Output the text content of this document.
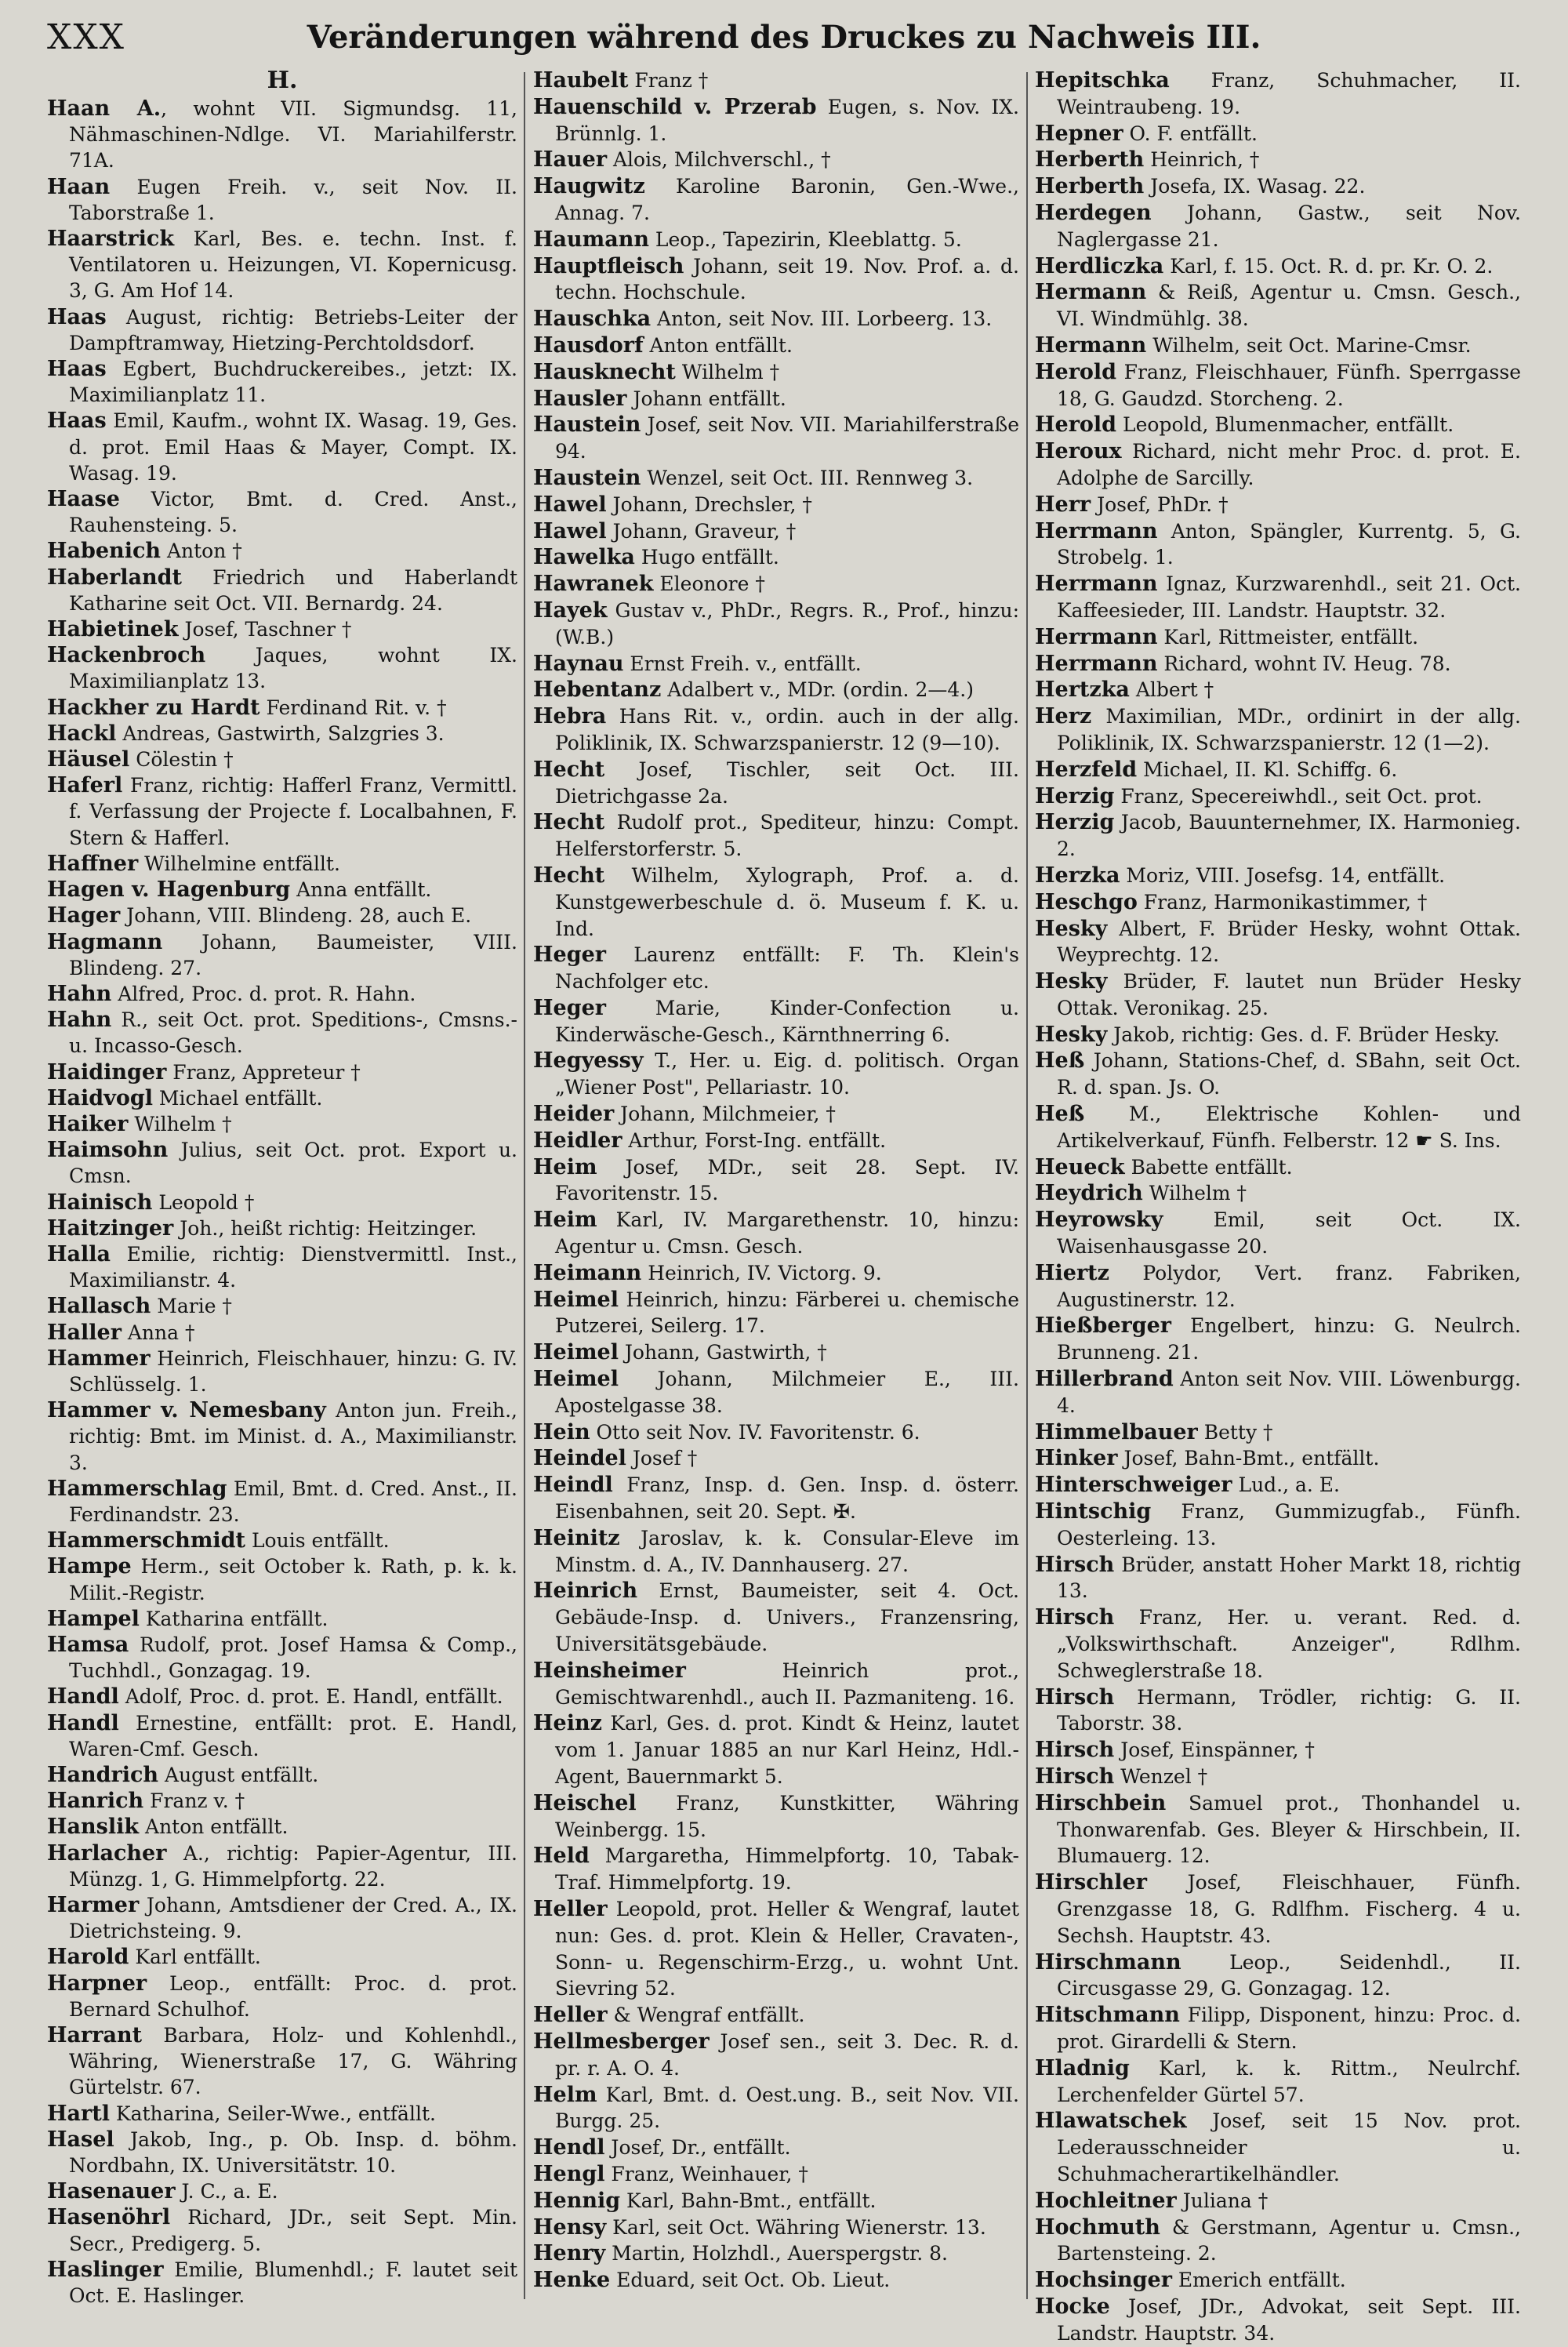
XXX	Veränderungen während des Druckes zu Nachweis III.
H.
Haan A., wohnt VII. Sigmundsg. 11, Nähmaschinen-Ndlge. VI. Mariahilferstr. 71A.
Haan Eugen Freih. v., seit Nov. II. Taborstraße 1.
Haarstrick Karl, Bes. e. techn. Inst. f. Ventilatoren u. Heizungen, VI. Kopernicusg. 3, G. Am Hof 14.
Haas August, richtig: Betriebs-Leiter der Dampftramway, Hietzing-Perchtoldsdorf.
Haas Egbert, Buchdruckereibes., jetzt: IX. Maximilianplatz 11.
Haas Emil, Kaufm., wohnt IX. Wasag. 19, Ges. d. prot. Emil Haas & Mayer, Compt. IX. Wasag. 19.
Haase Victor, Bmt. d. Cred. Anst., Rauhensteing. 5.
Habenich Anton †
Haberlandt Friedrich und Haberlandt Katharine seit Oct. VII. Bernardg. 24.
Habietinek Josef, Taschner †
Hackenbroch Jaques, wohnt IX. Maximilianplatz 13.
Hackher zu Hardt Ferdinand Rit. v. †
Hackl Andreas, Gastwirth, Salzgries 3.
Häusel Cölestin †
Haferl Franz, richtig: Hafferl Franz, Vermittl. f. Verfassung der Projecte f. Localbahnen, F. Stern & Hafferl.
Haffner Wilhelmine entfällt.
Hagen v. Hagenburg Anna entfällt.
Hager Johann, VIII. Blindeng. 28, auch E.
Hagmann Johann, Baumeister, VIII. Blindeng. 27.
Hahn Alfred, Proc. d. prot. R. Hahn.
Hahn R., seit Oct. prot. Speditions-, Cmsns.- u. Incasso-Gesch.
Haidinger Franz, Appreteur †
Haidvogl Michael entfällt.
Haiker Wilhelm †
Haimsohn Julius, seit Oct. prot. Export u. Cmsn.
Hainisch Leopold †
Haitzinger Joh., heißt richtig: Heitzinger.
Halla Emilie, richtig: Dienstvermittl. Inst., Maximilianstr. 4.
Hallasch Marie †
Haller Anna †
Hammer Heinrich, Fleischhauer, hinzu: G. IV. Schlüsselg. 1.
Hammer v. Nemesbany Anton jun. Freih., richtig: Bmt. im Minist. d. A., Maximilianstr. 3.
Hammerschlag Emil, Bmt. d. Cred. Anst., II. Ferdinandstr. 23.
Hammerschmidt Louis entfällt.
Hampe Herm., seit October k. Rath, p. k. k. Milit.-Registr.
Hampel Katharina entfällt.
Hamsa Rudolf, prot. Josef Hamsa & Comp., Tuchhdl., Gonzagag. 19.
Handl Adolf, Proc. d. prot. E. Handl, entfällt.
Handl Ernestine, entfällt: prot. E. Handl, Waren-Cmf. Gesch.
Handrich August entfällt.
Hanrich Franz v. †
Hanslik Anton entfällt.
Harlacher A., richtig: Papier-Agentur, III. Münzg. 1, G. Himmelpfortg. 22.
Harmer Johann, Amtsdiener der Cred. A., IX. Dietrichsteing. 9.
Harold Karl entfällt.
Harpner Leop., entfällt: Proc. d. prot. Bernard Schulhof.
Harrant Barbara, Holz- und Kohlenhdl., Währing, Wienerstraße 17, G. Währing Gürtelstr. 67.
Hartl Katharina, Seiler-Wwe., entfällt.
Hasel Jakob, Ing., p. Ob. Insp. d. böhm. Nordbahn, IX. Universitätstr. 10.
Hasenauer J. C., a. E.
Hasenöhrl Richard, JDr., seit Sept. Min. Secr., Predigerg. 5.
Haslinger Emilie, Blumenhdl.; F. lautet seit Oct. E. Haslinger.
Haubelt Franz †
Hauenschild v. Przerab Eugen, s. Nov. IX. Brünnlg. 1.
Hauer Alois, Milchverschl., †
Haugwitz Karoline Baronin, Gen.-Wwe., Annag. 7.
Haumann Leop., Tapezirin, Kleeblattg. 5.
Hauptfleisch Johann, seit 19. Nov. Prof. a. d. techn. Hochschule.
Hauschka Anton, seit Nov. III. Lorbeerg. 13.
Hausdorf Anton entfällt.
Hausknecht Wilhelm †
Hausler Johann entfällt.
Haustein Josef, seit Nov. VII. Mariahilferstraße 94.
Haustein Wenzel, seit Oct. III. Rennweg 3.
Hawel Johann, Drechsler, †
Hawel Johann, Graveur, †
Hawelka Hugo entfällt.
Hawranek Eleonore †
Hayek Gustav v., PhDr., Regrs. R., Prof., hinzu: (W.B.)
Haynau Ernst Freih. v., entfällt.
Hebentanz Adalbert v., MDr. (ordin. 2—4.)
Hebra Hans Rit. v., ordin. auch in der allg. Poliklinik, IX. Schwarzspanierstr. 12 (9—10).
Hecht Josef, Tischler, seit Oct. III. Dietrichgasse 2a.
Hecht Rudolf prot., Spediteur, hinzu: Compt. Helferstorferstr. 5.
Hecht Wilhelm, Xylograph, Prof. a. d. Kunstgewerbeschule d. ö. Museum f. K. u. Ind.
Heger Laurenz entfällt: F. Th. Klein's Nachfolger etc.
Heger Marie, Kinder-Confection u. Kinderwäsche-Gesch., Kärnthnerring 6.
Hegyessy T., Her. u. Eig. d. politisch. Organ „Wiener Post", Pellariastr. 10.
Heider Johann, Milchmeier, †
Heidler Arthur, Forst-Ing. entfällt.
Heim Josef, MDr., seit 28. Sept. IV. Favoritenstr. 15.
Heim Karl, IV. Margarethenstr. 10, hinzu: Agentur u. Cmsn. Gesch.
Heimann Heinrich, IV. Victorg. 9.
Heimel Heinrich, hinzu: Färberei u. chemische Putzerei, Seilerg. 17.
Heimel Johann, Gastwirth, †
Heimel Johann, Milchmeier E., III. Apostelgasse 38.
Hein Otto seit Nov. IV. Favoritenstr. 6.
Heindel Josef †
Heindl Franz, Insp. d. Gen. Insp. d. österr. Eisenbahnen, seit 20. Sept. ✠.
Heinitz Jaroslav, k. k. Consular-Eleve im Minstm. d. A., IV. Dannhauserg. 27.
Heinrich Ernst, Baumeister, seit 4. Oct. Gebäude-Insp. d. Univers., Franzensring, Universitätsgebäude.
Heinsheimer Heinrich prot., Gemischtwarenhdl., auch II. Pazmaniteng. 16.
Heinz Karl, Ges. d. prot. Kindt & Heinz, lautet vom 1. Januar 1885 an nur Karl Heinz, Hdl.-Agent, Bauernmarkt 5.
Heischel Franz, Kunstkitter, Währing Weinbergg. 15.
Held Margaretha, Himmelpfortg. 10, Tabak-Traf. Himmelpfortg. 19.
Heller Leopold, prot. Heller & Wengraf, lautet nun: Ges. d. prot. Klein & Heller, Cravaten-, Sonn- u. Regenschirm-Erzg., u. wohnt Unt. Sievring 52.
Heller & Wengraf entfällt.
Hellmesberger Josef sen., seit 3. Dec. R. d. pr. r. A. O. 4.
Helm Karl, Bmt. d. Oest.ung. B., seit Nov. VII. Burgg. 25.
Hendl Josef, Dr., entfällt.
Hengl Franz, Weinhauer, †
Hennig Karl, Bahn-Bmt., entfällt.
Hensy Karl, seit Oct. Währing Wienerstr. 13.
Henry Martin, Holzhdl., Auerspergstr. 8.
Henke Eduard, seit Oct. Ob. Lieut.
Hepitschka Franz, Schuhmacher, II. Weintraubeng. 19.
Hepner O. F. entfällt.
Herberth Heinrich, †
Herberth Josefa, IX. Wasag. 22.
Herdegen Johann, Gastw., seit Nov. Naglergasse 21.
Herdliczka Karl, f. 15. Oct. R. d. pr. Kr. O. 2.
Hermann & Reiß, Agentur u. Cmsn. Gesch., VI. Windmühlg. 38.
Hermann Wilhelm, seit Oct. Marine-Cmsr.
Herold Franz, Fleischhauer, Fünfh. Sperrgasse 18, G. Gaudzd. Storcheng. 2.
Herold Leopold, Blumenmacher, entfällt.
Heroux Richard, nicht mehr Proc. d. prot. E. Adolphe de Sarcilly.
Herr Josef, PhDr. †
Herrmann Anton, Spängler, Kurrentg. 5, G. Strobelg. 1.
Herrmann Ignaz, Kurzwarenhdl., seit 21. Oct. Kaffeesieder, III. Landstr. Hauptstr. 32.
Herrmann Karl, Rittmeister, entfällt.
Herrmann Richard, wohnt IV. Heug. 78.
Hertzka Albert †
Herz Maximilian, MDr., ordinirt in der allg. Poliklinik, IX. Schwarzspanierstr. 12 (1—2).
Herzfeld Michael, II. Kl. Schiffg. 6.
Herzig Franz, Specereiwhdl., seit Oct. prot.
Herzig Jacob, Bauunternehmer, IX. Harmonieg. 2.
Herzka Moriz, VIII. Josefsg. 14, entfällt.
Heschgo Franz, Harmonikastimmer, †
Hesky Albert, F. Brüder Hesky, wohnt Ottak. Weyprechtg. 12.
Hesky Brüder, F. lautet nun Brüder Hesky Ottak. Veronikag. 25.
Hesky Jakob, richtig: Ges. d. F. Brüder Hesky.
Heß Johann, Stations-Chef, d. SBahn, seit Oct. R. d. span. Js. O.
Heß M., Elektrische Kohlen- und Artikelverkauf, Fünfh. Felberstr. 12 ☛ S. Ins.
Heueck Babette entfällt.
Heydrich Wilhelm †
Heyrowsky Emil, seit Oct. IX. Waisenhausgasse 20.
Hiertz Polydor, Vert. franz. Fabriken, Augustinerstr. 12.
Hießberger Engelbert, hinzu: G. Neulrch. Brunneng. 21.
Hillerbrand Anton seit Nov. VIII. Löwenburgg. 4.
Himmelbauer Betty †
Hinker Josef, Bahn-Bmt., entfällt.
Hinterschweiger Lud., a. E.
Hintschig Franz, Gummizugfab., Fünfh. Oesterleing. 13.
Hirsch Brüder, anstatt Hoher Markt 18, richtig 13.
Hirsch Franz, Her. u. verant. Red. d. „Volkswirthschaft. Anzeiger", Rdlhm. Schweglerstraße 18.
Hirsch Hermann, Trödler, richtig: G. II. Taborstr. 38.
Hirsch Josef, Einspänner, †
Hirsch Wenzel †
Hirschbein Samuel prot., Thonhandel u. Thonwarenfab. Ges. Bleyer & Hirschbein, II. Blumauerg. 12.
Hirschler Josef, Fleischhauer, Fünfh. Grenzgasse 18, G. Rdlfhm. Fischerg. 4 u. Sechsh. Hauptstr. 43.
Hirschmann Leop., Seidenhdl., II. Circusgasse 29, G. Gonzagag. 12.
Hitschmann Filipp, Disponent, hinzu: Proc. d. prot. Girardelli & Stern.
Hladnig Karl, k. k. Rittm., Neulrchf. Lerchenfelder Gürtel 57.
Hlawatschek Josef, seit 15 Nov. prot. Lederausschneider u. Schuhmacherartikelhändler.
Hochleitner Juliana †
Hochmuth & Gerstmann, Agentur u. Cmsn., Bartensteing. 2.
Hochsinger Emerich entfällt.
Hocke Josef, JDr., Advokat, seit Sept. III. Landstr. Hauptstr. 34.
